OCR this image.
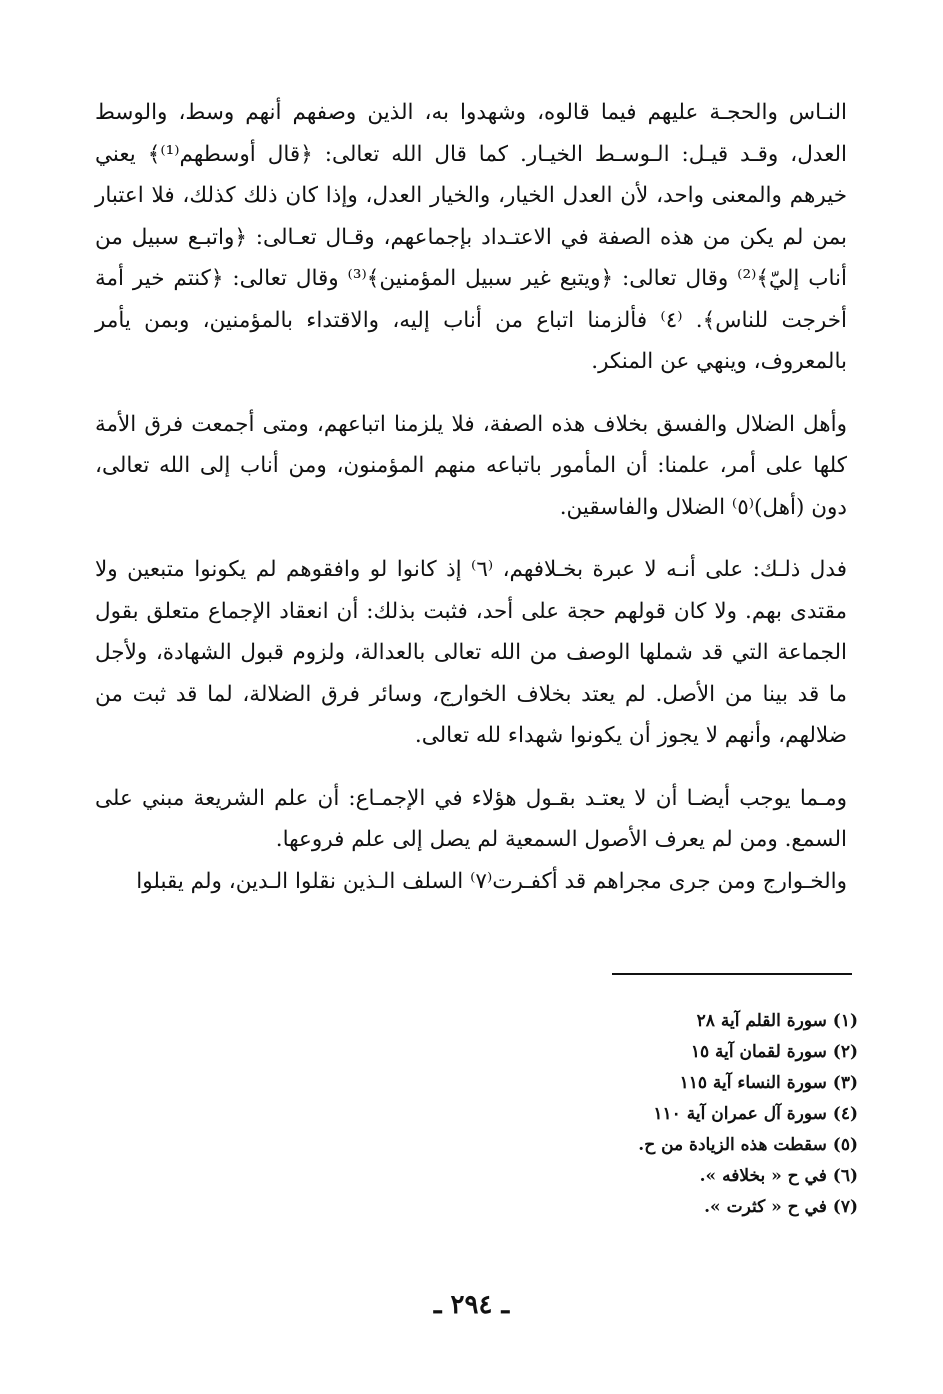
النـاس والحجـة عليهم فيما قالوه، وشهدوا به، الذين وصفهم أنهم وسط، والوسط العدل، وقـد قيـل: الـوسـط الخيـار. كما قال الله تعالى: ﴿قال أوسطهم⁽¹⁾﴾ يعني خيرهم والمعنى واحد، لأن العدل الخيار، والخيار العدل، وإذا كان ذلك كذلك، فلا اعتبار بمن لم يكن من هذه الصفة في الاعتـداد بإجماعهم، وقـال تعـالى: ﴿واتبـع سبيل من أناب إليّ﴾⁽²⁾ وقال تعالى: ﴿ويتبع غير سبيل المؤمنين﴾⁽³⁾ وقال تعالى: ﴿كنتم خير أمة أخرجت للناس﴾. ⁽٤⁾ فألزمنا اتباع من أناب إليه، والاقتداء بالمؤمنين، وبمن يأمر بالمعروف، وينهي عن المنكر.

وأهل الضلال والفسق بخلاف هذه الصفة، فلا يلزمنا اتباعهم، ومتى أجمعت فرق الأمة كلها على أمر، علمنا: أن المأمور باتباعه منهم المؤمنون، ومن أناب إلى الله تعالى، دون (أهل)⁽٥⁾ الضلال والفاسقين.

فدل ذلـك: على أنـه لا عبرة بخـلافهم، ⁽٦⁾ إذ كانوا لو وافقوهم لم يكونوا متبعين ولا مقتدى بهم. ولا كان قولهم حجة على أحد، فثبت بذلك: أن انعقاد الإجماع متعلق بقول الجماعة التي قد شملها الوصف من الله تعالى بالعدالة، ولزوم قبول الشهادة، ولأجل ما قد بينا من الأصل. لم يعتد بخلاف الخوارج، وسائر فرق الضلالة، لما قد ثبت من ضلالهم، وأنهم لا يجوز أن يكونوا شهداء لله تعالى.

ومـما يوجب أيضـا أن لا يعتـد بقـول هؤلاء في الإجمـاع: أن علم الشريعة مبني على السمع. ومن لم يعرف الأصول السمعية لم يصل إلى علم فروعها.

والخـوارج ومن جرى مجراهم قد أكفـرت⁽٧⁾ السلف الـذين نقلوا الـدين، ولم يقبلوا

(١) سورة القلم آية ٢٨
(٢) سورة لقمان آية ١٥
(٣) سورة النساء آية ١١٥
(٤) سورة آل عمران آية ١١٠
(٥) سقطت هذه الزيادة من ح.
(٦) في ح « بخلافه ».
(٧) في ح « كثرت ».
ـ ٢٩٤ ـ
